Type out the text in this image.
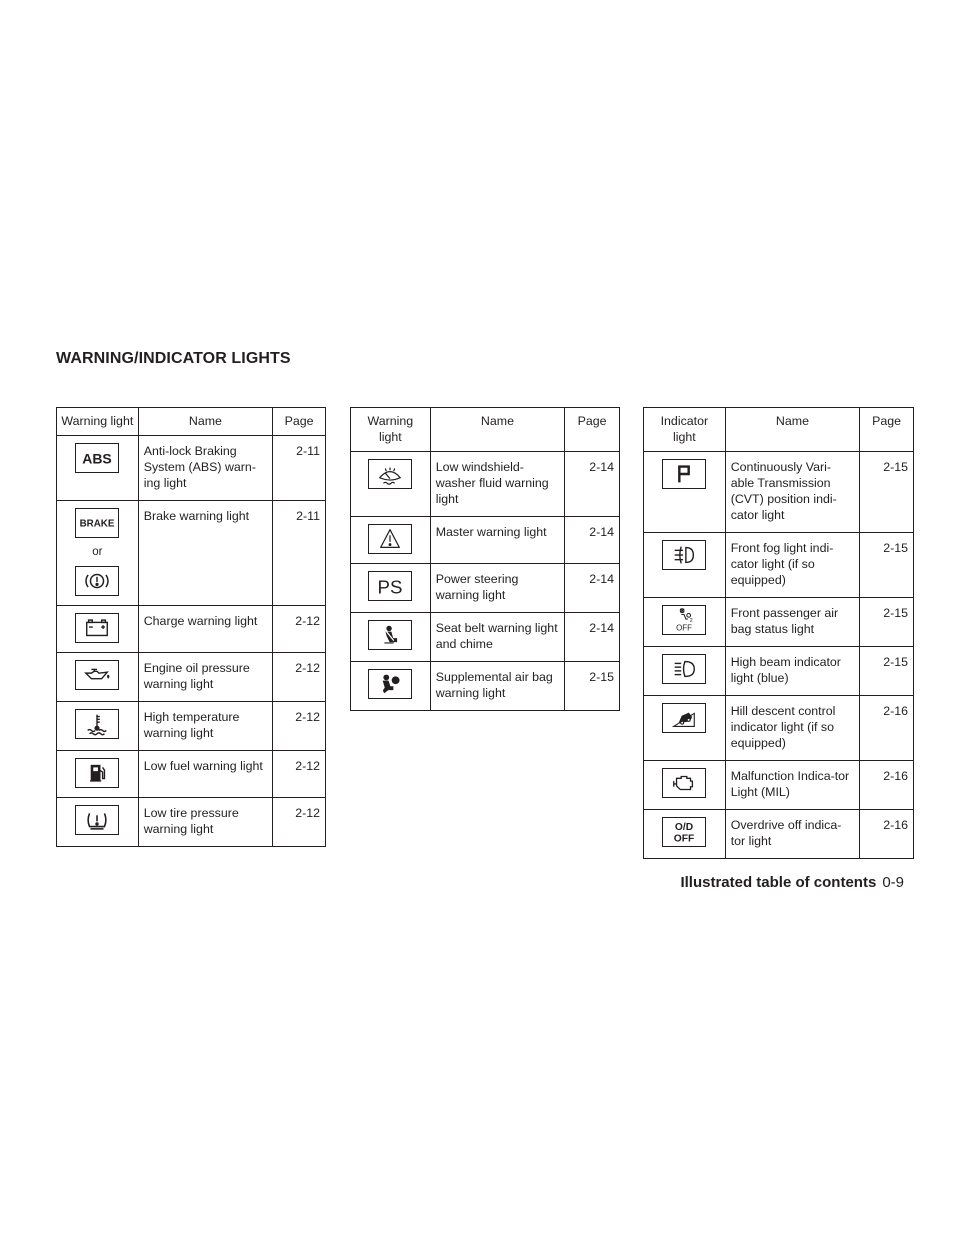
WARNING/INDICATOR LIGHTS
Warning light	Name	Page

ABS	Anti-lock Braking System (ABS) warn-ing light	2-11

BRAKE
or	Brake warning light	2-11

	Charge warning light	2-12

	Engine oil pressure warning light	2-12

	High temperature warning light	2-12

	Low fuel warning light	2-12

	Low tire pressure warning light	2-12
Warning light	Name	Page

	Low windshield-washer fluid warning light	2-14

	Master warning light	2-14

PS	Power steering warning light	2-14

	Seat belt warning light and chime	2-14

	Supplemental air bag warning light	2-15
Indicator light	Name	Page

	Continuously Vari-able Transmission (CVT) position indi-cator light	2-15

	Front fog light indi-cator light (if so equipped)	2-15

2
OFF	Front passenger air bag status light	2-15

	High beam indicator light (blue)	2-15

	Hill descent control indicator light (if so equipped)	2-16

	Malfunction Indica-tor Light (MIL)	2-16

O/D
OFF	Overdrive off indica-tor light	2-16
Illustrated table of contents 0-9
